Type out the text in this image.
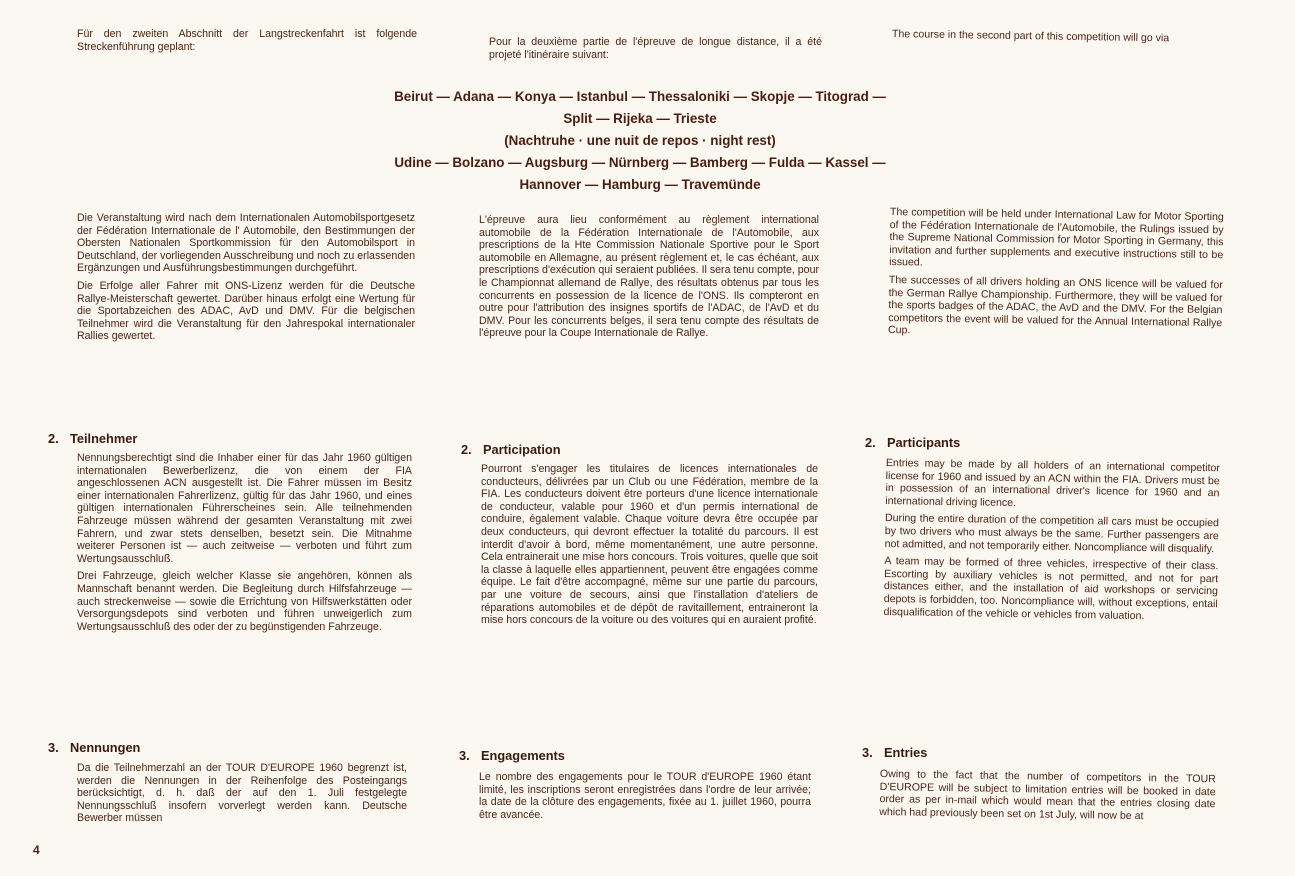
Für den zweiten Abschnitt der Langstreckenfahrt ist folgende Streckenführung geplant:	Pour la deuxième partie de l'épreuve de longue distance, il a été projeté l'itinéraire suivant:
The course in the second part of this competition will go via
Beirut — Adana — Konya — Istanbul — Thessaloniki — Skopje — Titograd —
Split — Rijeka — Trieste
(Nachtruhe · une nuit de repos · night rest)
Udine — Bolzano — Augsburg — Nürnberg — Bamberg — Fulda — Kassel —
Hannover — Hamburg — Travemünde

Die Veranstaltung wird nach dem Internationalen Automobilsportgesetz der Fédération Internationale de l' Automobile, den Bestimmungen der Obersten Nationalen Sportkommission für den Automobilsport in Deutschland, der vorliegenden Ausschreibung und noch zu erlassenden Ergänzungen und Ausführungsbestimmungen durchgeführt.

Die Erfolge aller Fahrer mit ONS-Lizenz werden für die Deutsche Rallye-Meisterschaft gewertet. Darüber hinaus erfolgt eine Wertung für die Sportabzeichen des ADAC, AvD und DMV. Für die belgischen Teilnehmer wird die Veranstaltung für den Jahrespokal internationaler Rallies gewertet.

L'épreuve aura lieu conformément au règlement international automobile de la Fédération Internationale de l'Automobile, aux prescriptions de la Hte Commission Nationale Sportive pour le Sport automobile en Allemagne, au présent règlement et, le cas échéant, aux prescriptions d'exécution qui seraient publiées. Il sera tenu compte, pour le Championnat allemand de Rallye, des résultats obtenus par tous les concurrents en possession de la licence de l'ONS. Ils compteront en outre pour l'attribution des insignes sportifs de l'ADAC, de l'AvD et du DMV. Pour les concurrents belges, il sera tenu compte des résultats de l'épreuve pour la Coupe Internationale de Rallye.

The competition will be held under International Law for Motor Sporting of the Fédération Internationale de l'Automobile, the Rulings issued by the Supreme National Commission for Motor Sporting in Germany, this invitation and further supplements and executive instructions still to be issued.

The successes of all drivers holding an ONS licence will be valued for the German Rallye Championship. Furthermore, they will be valued for the sports badges of the ADAC, the AvD and the DMV. For the Belgian competitors the event will be valued for the Annual International Rallye Cup.

2. Teilnehmer
2. Participation	2. Participants

Nennungsberechtigt sind die Inhaber einer für das Jahr 1960 gültigen internationalen Bewerberlizenz, die von einem der FIA angeschlossenen ACN ausgestellt ist. Die Fahrer müssen im Besitz einer internationalen Fahrerlizenz, gültig für das Jahr 1960, und eines gültigen internationalen Führerscheines sein. Alle teilnehmenden Fahrzeuge müssen während der gesamten Veranstaltung mit zwei Fahrern, und zwar stets denselben, besetzt sein. Die Mitnahme weiterer Personen ist — auch zeitweise — verboten und führt zum Wertungsausschluß.

Drei Fahrzeuge, gleich welcher Klasse sie angehören, können als Mannschaft benannt werden. Die Begleitung durch Hilfsfahrzeuge — auch streckenweise — sowie die Errichtung von Hilfswerkstätten oder Versorgungsdepots sind verboten und führen unweigerlich zum Wertungsausschluß des oder der zu begünstigenden Fahrzeuge.

Pourront s'engager les titulaires de licences internationales de conducteurs, délivrées par un Club ou une Fédération, membre de la FIA. Les conducteurs doivent être porteurs d'une licence internationale de conducteur, valable pour 1960 et d'un permis international de conduire, également valable. Chaque voiture devra être occupée par deux conducteurs, qui devront effectuer la totalité du parcours. Il est interdit d'avoir à bord, même momentanément, une autre personne. Cela entrainerait une mise hors concours. Trois voitures, quelle que soit la classe à laquelle elles appartiennent, peuvent être engagées comme équipe. Le fait d'être accompagné, même sur une partie du parcours, par une voiture de secours, ainsi que l'installation d'ateliers de réparations automobiles et de dépôt de ravitaillement, entraineront la mise hors concours de la voiture ou des voitures qui en auraient profité.

Entries may be made by all holders of an international competitor license for 1960 and issued by an ACN within the FIA. Drivers must be in possession of an international driver's licence for 1960 and an international driving licence.

During the entire duration of the competition all cars must be occupied by two drivers who must always be the same. Further passengers are not admitted, and not temporarily either. Noncompliance will disqualify.

A team may be formed of three vehicles, irrespective of their class. Escorting by auxiliary vehicles is not permitted, and not for part distances either, and the installation of aid workshops or servicing depots is forbidden, too. Noncompliance will, without exceptions, entail disqualification of the vehicle or vehicles from valuation.

3. Nennungen
3. Engagements	3. Entries

Da die Teilnehmerzahl an der TOUR D'EUROPE 1960 begrenzt ist, werden die Nennungen in der Reihenfolge des Posteingangs berücksichtigt, d. h. daß der auf den 1. Juli festgelegte Nennungsschluß insofern vorverlegt werden kann. Deutsche Bewerber müssen

Le nombre des engagements pour le TOUR d'EUROPE 1960 étant limité, les inscriptions seront enregistrées dans l'ordre de leur arrivée; la date de la clôture des engagements, fixée au 1. juillet 1960, pourra être avancée.

Owing to the fact that the number of competitors in the TOUR D'EUROPE will be subject to limitation entries will be booked in date order as per in-mail which would mean that the entries closing date which had previously been set on 1st July, will now be at

4
